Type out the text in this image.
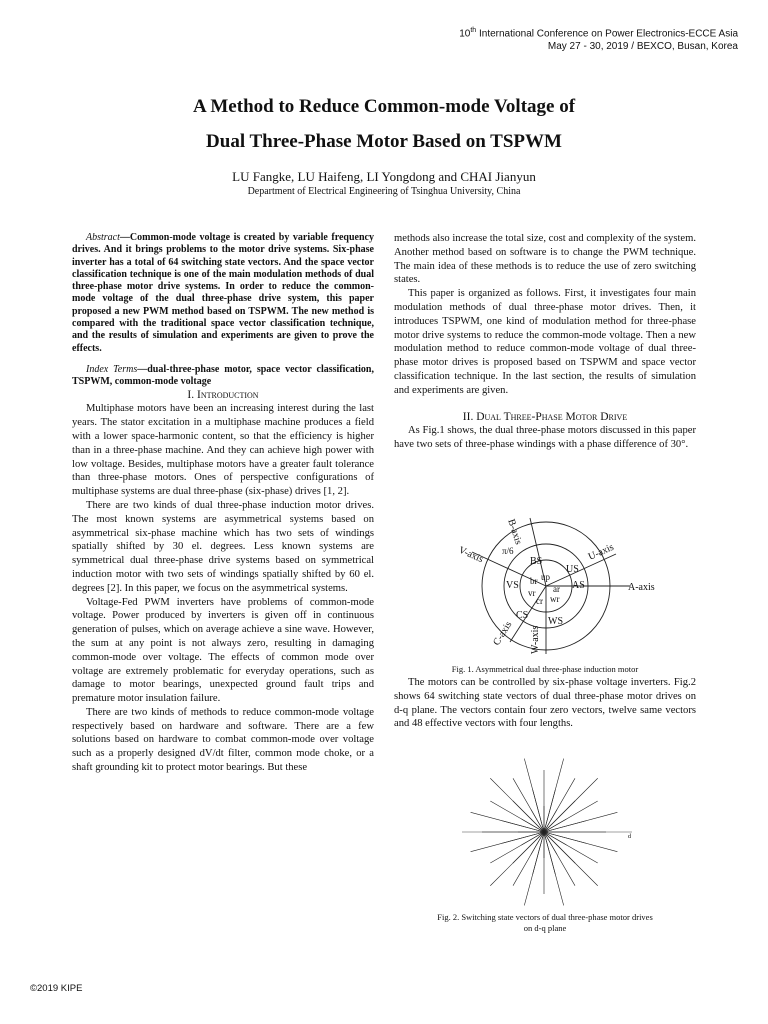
10th International Conference on Power Electronics-ECCE Asia
May 27 - 30, 2019 / BEXCO, Busan, Korea
A Method to Reduce Common-mode Voltage of
Dual Three-Phase Motor Based on TSPWM
LU Fangke, LU Haifeng, LI Yongdong and CHAI Jianyun
Department of Electrical Engineering of Tsinghua University, China

Abstract—Common-mode voltage is created by variable frequency drives. And it brings problems to the motor drive systems. Six-phase inverter has a total of 64 switching state vectors. And the space vector classification technique is one of the main modulation methods of dual three-phase motor drive systems. In order to reduce the common-mode voltage of the dual three-phase drive system, this paper proposed a new PWM method based on TSPWM. The new method is compared with the traditional space vector classification technique, and the results of simulation and experiments are given to prove the effects.

Index Terms—dual-three-phase motor, space vector classification, TSPWM, common-mode voltage

I. Introduction

Multiphase motors have been an increasing interest during the last years. The stator excitation in a multiphase machine produces a field with a lower space-harmonic content, so that the efficiency is higher than in a three-phase machine. And they can achieve high power with low voltage. Besides, multiphase motors have a greater fault tolerance than three-phase motors. Ones of perspective configurations of multiphase systems are dual three-phase (six-phase) drives [1, 2].

There are two kinds of dual three-phase induction motor drives. The most known systems are asymmetrical systems based on asymmetrical six-phase machine which has two sets of windings spatially shifted by 30 el. degrees. Less known systems are symmetrical dual three-phase drive systems based on symmetrical induction motor with two sets of windings spatially shifted by 60 el. degrees [2]. In this paper, we focus on the asymmetrical systems.

Voltage-Fed PWM inverters have problems of common-mode voltage. Power produced by inverters is given off in continuous generation of pulses, which on average achieve a sine wave. However, the sum at any point is not always zero, resulting in damaging common-mode over voltage. The effects of common mode over voltage are extremely problematic for everyday operations, such as damage to motor bearings, unexpected ground fault trips and premature motor insulation failure.

There are two kinds of methods to reduce common-mode voltage respectively based on hardware and software. There are a few solutions based on hardware to combat common-mode over voltage such as a properly designed dV/dt filter, common mode choke, or a shaft grounding kit to protect motor bearings. But these

methods also increase the total size, cost and complexity of the system. Another method based on software is to change the PWM technique. The main idea of these methods is to reduce the use of zero switching states.

This paper is organized as follows. First, it investigates four main modulation methods of dual three-phase motor drives. Then, it introduces TSPWM, one kind of modulation method for three-phase motor drive systems to reduce the common-mode voltage. Then a new modulation method to reduce common-mode voltage of dual three-phase motor drives is proposed based on TSPWM and space vector classification technique. In the last section, the results of simulation and experiments are given.

II. Dual Three-Phase Motor Drive

As Fig.1 shows, the dual three-phase motors discussed in this paper have two sets of three-phase windings with a phase difference of 30°.

B-axis
U-axis
V-axis
A-axis
C-axis W-axis
π/6
BS
US
VS	AS
CS
WS
br up
vr ar
cr wr
Fig. 1. Asymmetrical dual three-phase induction motor

The motors can be controlled by six-phase voltage inverters. Fig.2 shows 64 switching state vectors of dual three-phase motor drives on d-q plane. The vectors contain four zero vectors, twelve same vectors and 48 effective vectors with four lengths.

d
Fig. 2. Switching state vectors of dual three-phase motor drives
on d-q plane
©2019 KIPE
